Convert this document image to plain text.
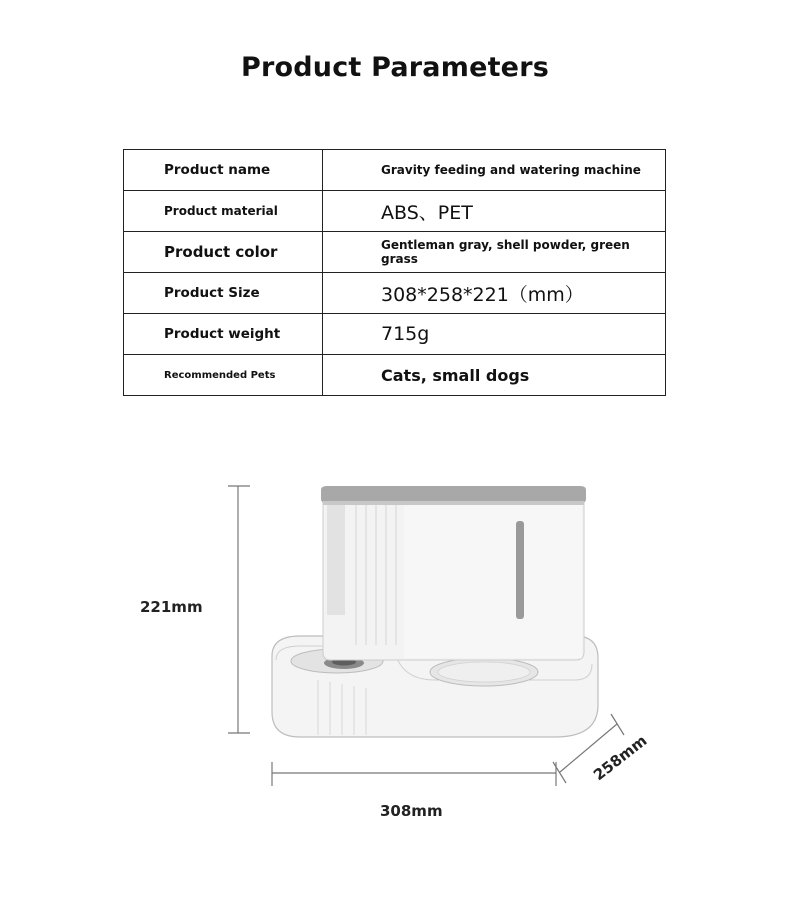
Product Parameters
Product name	Gravity feeding and watering machine
Product material	ABS、PET
Product color	Gentleman gray, shell powder, green grass
Product Size	308*258*221（mm）
Product weight	715g
Recommended Pets	Cats, small dogs
221mm
308mm
258mm
